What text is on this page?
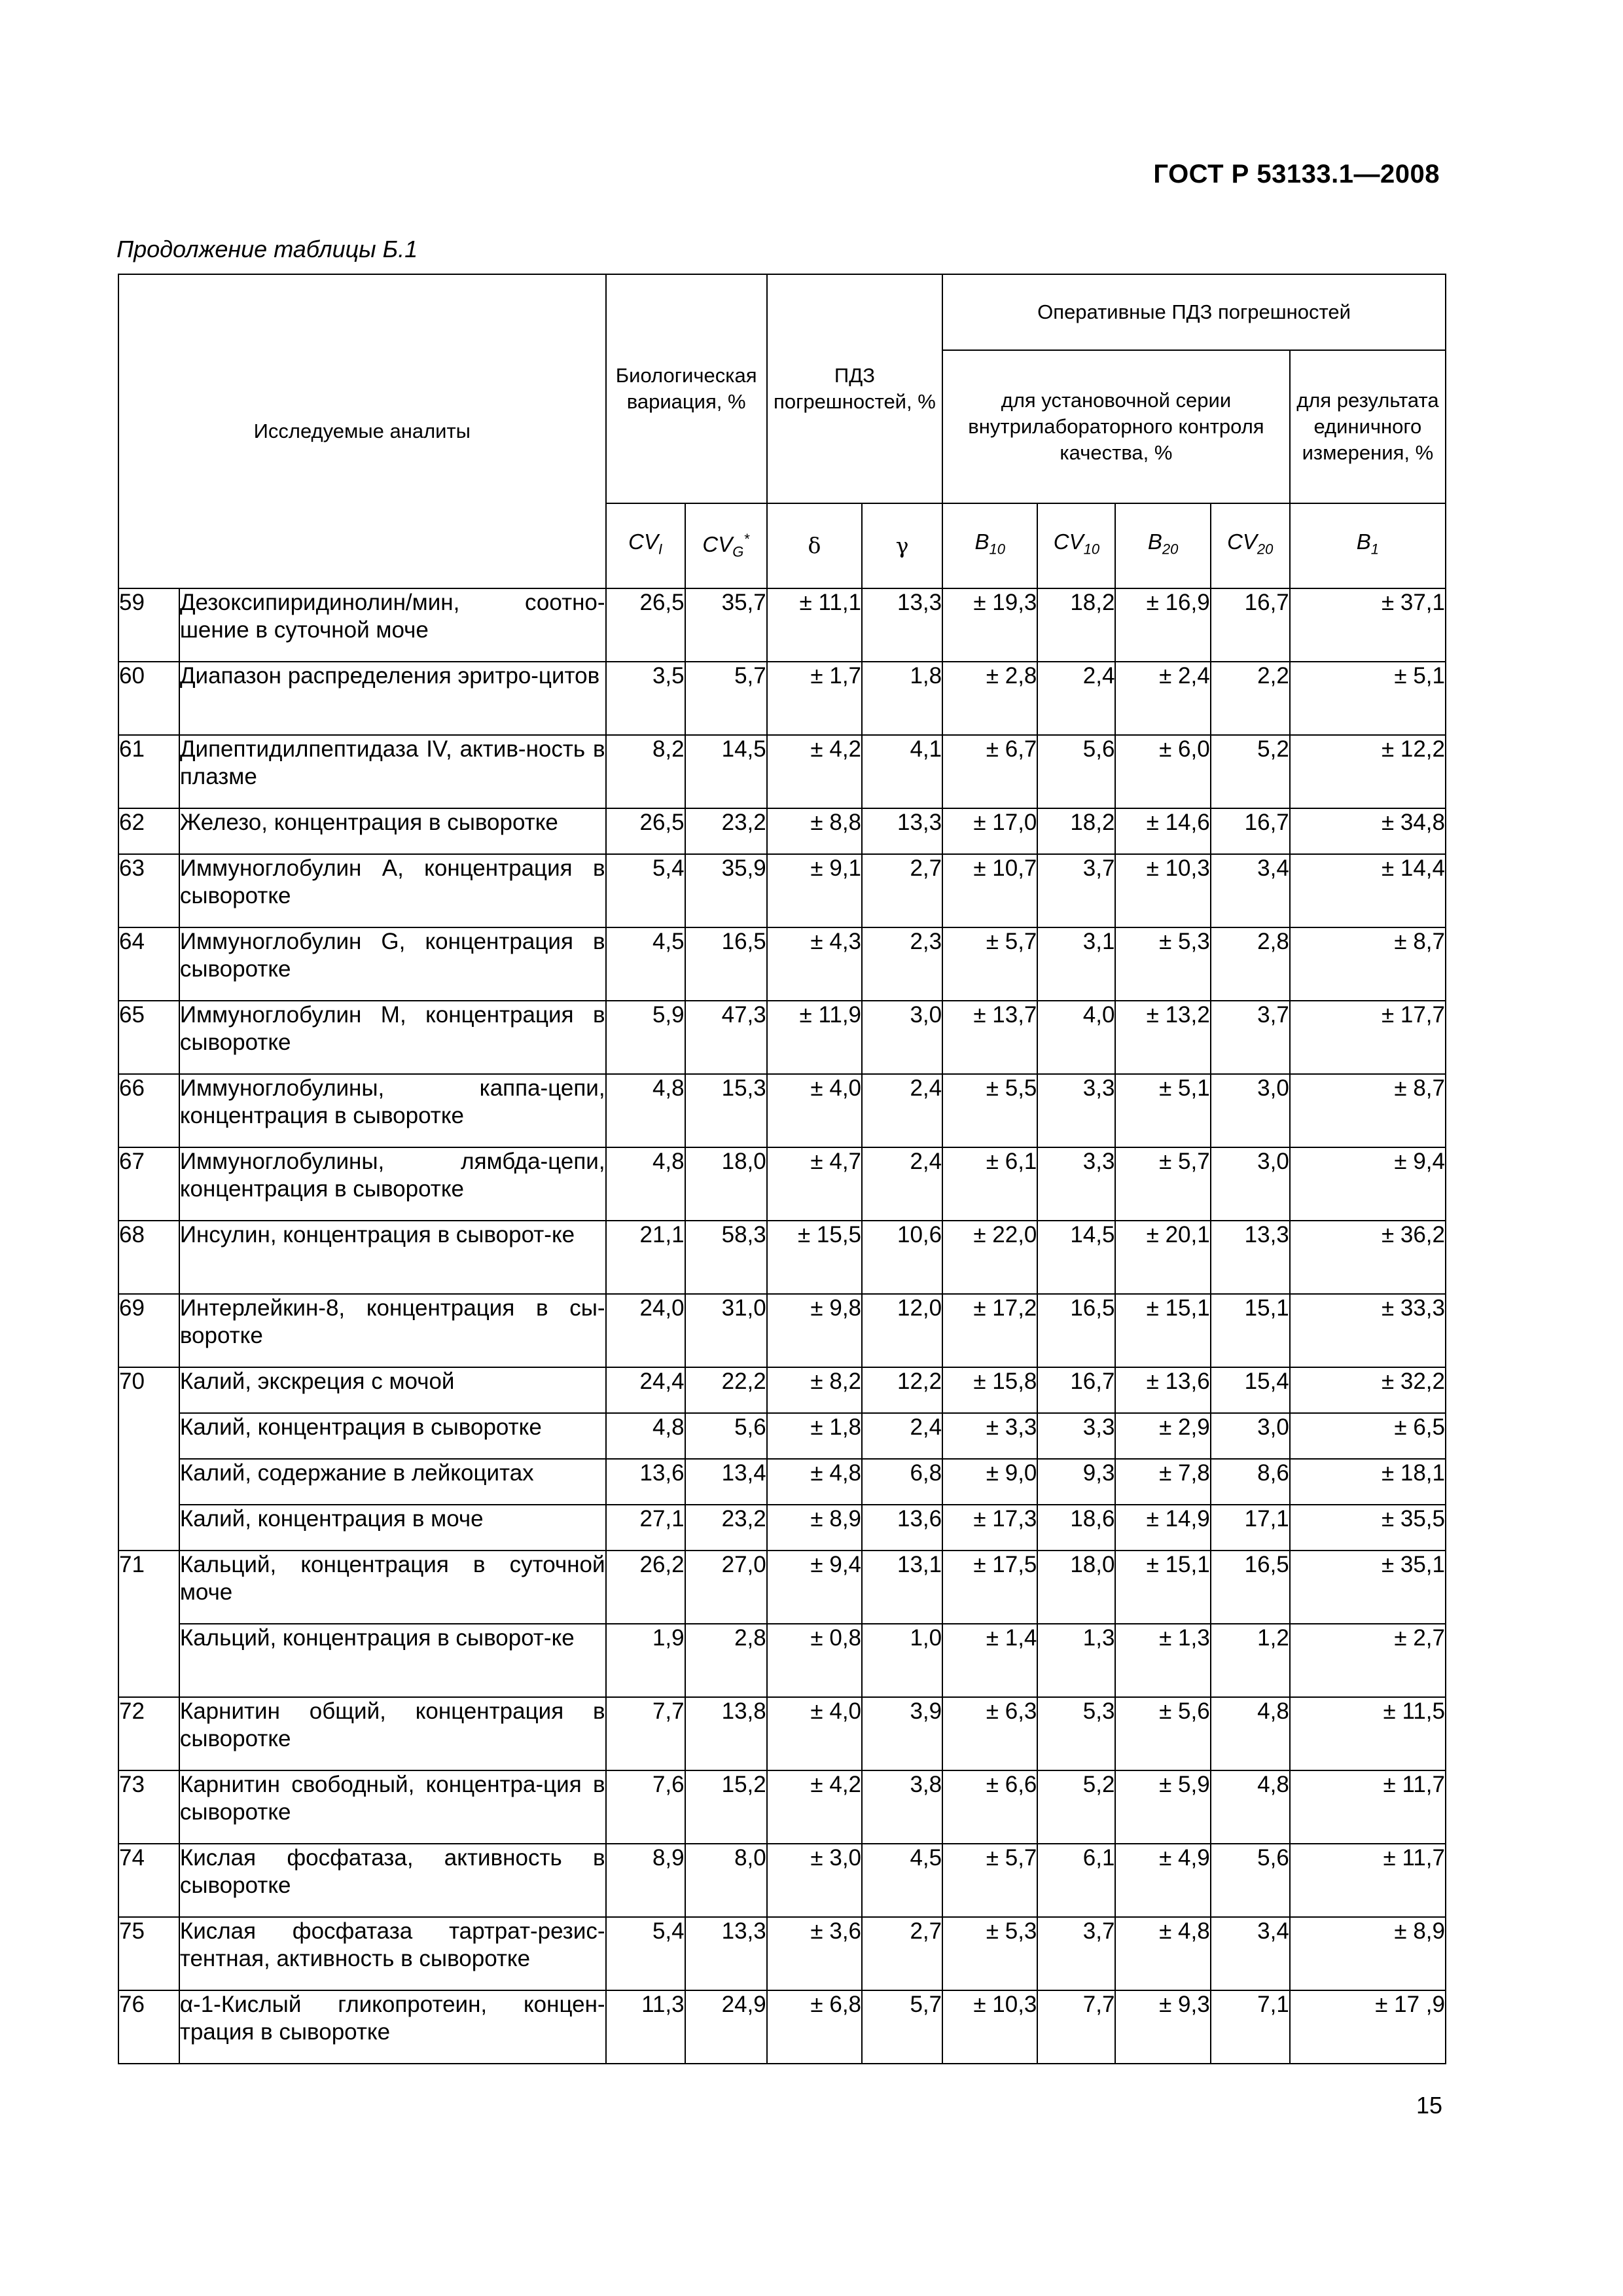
ГОСТ Р 53133.1—2008
Продолжение таблицы Б.1
Исследуемые аналиты		Биологическая вариация, %		ПДЗ погрешностей, %		Оперативные ПДЗ погрешностей				
						для установочной серии внутрилабораторного контроля качества, %				для результата единичного измерения, %
		$CV_I$	$CV_G^*$	δ	γ	$B_{10}$	$CV_{10}$	$B_{20}$	$CV_{20}$	$B_1$
59	Дезоксипиридинолин/мин, соотно-шение в суточной моче	26,5	35,7	± 11,1	13,3	± 19,3	18,2	± 16,9	16,7	± 37,1
60	Диапазон распределения эритро-цитов	3,5	5,7	± 1,7	1,8	± 2,8	2,4	± 2,4	2,2	± 5,1
61	Дипептидилпептидаза IV, актив-ность в плазме	8,2	14,5	± 4,2	4,1	± 6,7	5,6	± 6,0	5,2	± 12,2
62	Железо, концентрация в сыворотке	26,5	23,2	± 8,8	13,3	± 17,0	18,2	± 14,6	16,7	± 34,8
63	Иммуноглобулин А, концентрация в сыворотке	5,4	35,9	± 9,1	2,7	± 10,7	3,7	± 10,3	3,4	± 14,4
64	Иммуноглобулин G, концентрация в сыворотке	4,5	16,5	± 4,3	2,3	± 5,7	3,1	± 5,3	2,8	± 8,7
65	Иммуноглобулин M, концентрация в сыворотке	5,9	47,3	± 11,9	3,0	± 13,7	4,0	± 13,2	3,7	± 17,7
66	Иммуноглобулины, каппа-цепи, концентрация в сыворотке	4,8	15,3	± 4,0	2,4	± 5,5	3,3	± 5,1	3,0	± 8,7
67	Иммуноглобулины, лямбда-цепи, концентрация в сыворотке	4,8	18,0	± 4,7	2,4	± 6,1	3,3	± 5,7	3,0	± 9,4
68	Инсулин, концентрация в сыворот-ке	21,1	58,3	± 15,5	10,6	± 22,0	14,5	± 20,1	13,3	± 36,2
69	Интерлейкин-8, концентрация в сы-воротке	24,0	31,0	± 9,8	12,0	± 17,2	16,5	± 15,1	15,1	± 33,3
70	Калий, экскреция с мочой	24,4	22,2	± 8,2	12,2	± 15,8	16,7	± 13,6	15,4	± 32,2
	Калий, концентрация в сыворотке	4,8	5,6	± 1,8	2,4	± 3,3	3,3	± 2,9	3,0	± 6,5
	Калий, содержание в лейкоцитах	13,6	13,4	± 4,8	6,8	± 9,0	9,3	± 7,8	8,6	± 18,1
	Калий, концентрация в моче	27,1	23,2	± 8,9	13,6	± 17,3	18,6	± 14,9	17,1	± 35,5
71	Кальций, концентрация в суточной моче	26,2	27,0	± 9,4	13,1	± 17,5	18,0	± 15,1	16,5	± 35,1
	Кальций, концентрация в сыворот-ке	1,9	2,8	± 0,8	1,0	± 1,4	1,3	± 1,3	1,2	± 2,7
72	Карнитин общий, концентрация в сыворотке	7,7	13,8	± 4,0	3,9	± 6,3	5,3	± 5,6	4,8	± 11,5
73	Карнитин свободный, концентра-ция в сыворотке	7,6	15,2	± 4,2	3,8	± 6,6	5,2	± 5,9	4,8	± 11,7
74	Кислая фосфатаза, активность в сыворотке	8,9	8,0	± 3,0	4,5	± 5,7	6,1	± 4,9	5,6	± 11,7
75	Кислая фосфатаза тартрат-резис-тентная, активность в сыворотке	5,4	13,3	± 3,6	2,7	± 5,3	3,7	± 4,8	3,4	± 8,9
76	α-1-Кислый гликопротеин, концен-трация в сыворотке	11,3	24,9	± 6,8	5,7	± 10,3	7,7	± 9,3	7,1	± 17 ,9
15
